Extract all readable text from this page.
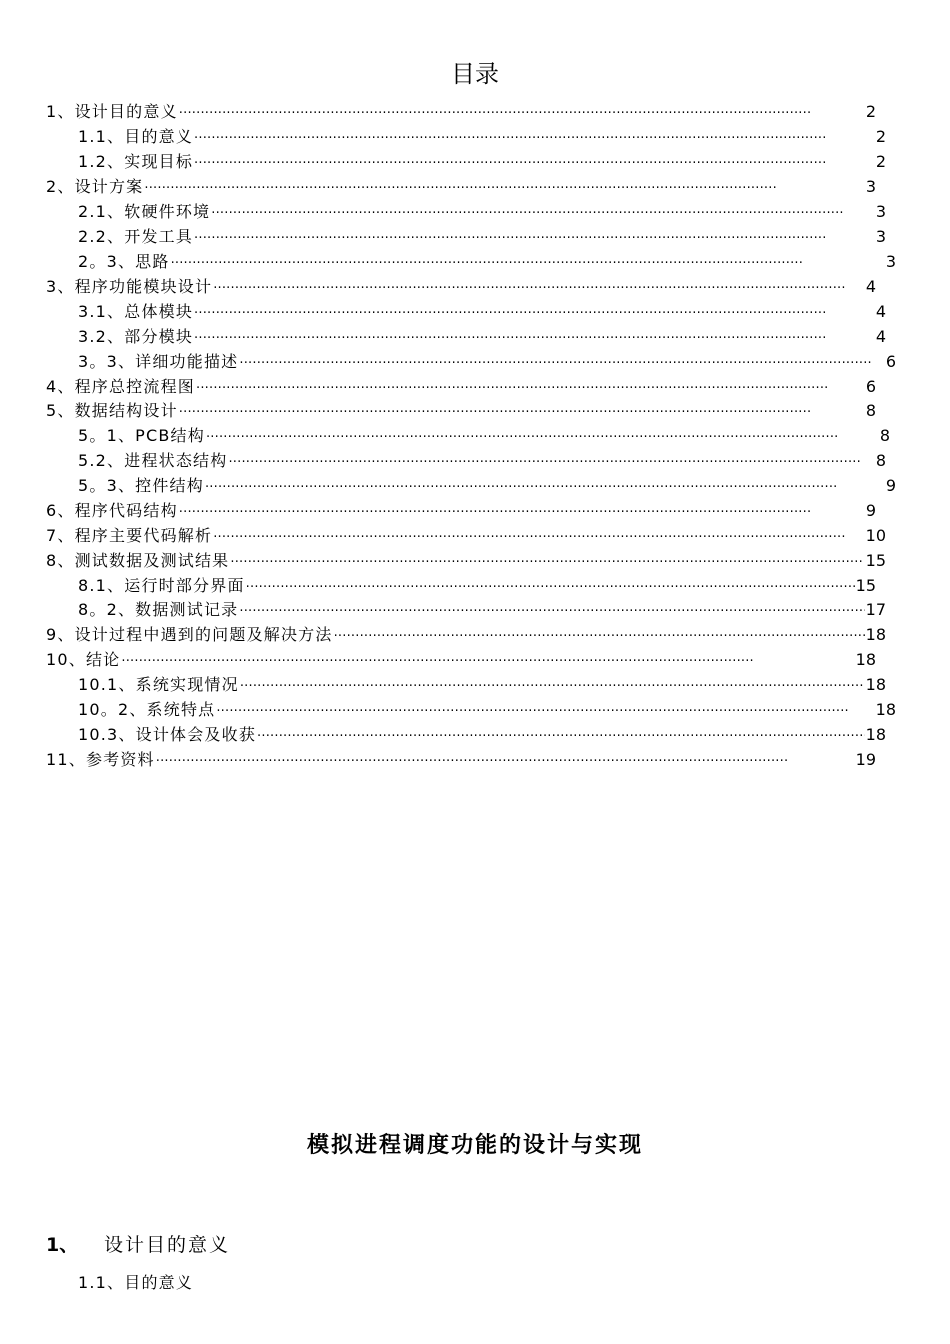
目录
1、设计目的意义 ·····	2
1.1、目的意义 ·····	2
1.2、实现目标 ·····	2
2、设计方案 ·····	3
2.1、软硬件环境 ·····	3
2.2、开发工具 ·····	3
2。3、思路 ·····	3
3、程序功能模块设计 ·····	4
3.1、总体模块 ·····	4
3.2、部分模块 ·····	4
3。3、详细功能描述 ·····	6
4、程序总控流程图 ·····	6
5、数据结构设计 ·····	8
5。1、PCB结构 ·····	8
5.2、进程状态结构 ·····	8
5。3、控件结构 ·····	9
6、程序代码结构 ·····	9
7、程序主要代码解析 ·····	10
8、测试数据及测试结果 ·····	15
8.1、运行时部分界面 ·····	15
8。2、数据测试记录 ·····	17
9、设计过程中遇到的问题及解决方法 ·····	18
10、结论 ·····	18
10.1、系统实现情况 ·····	18
10。2、系统特点 ·····	18
10.3、设计体会及收获 ·····	18
11、参考资料 ·····	19
模拟进程调度功能的设计与实现
1、	设计目的意义
1.1、目的意义
